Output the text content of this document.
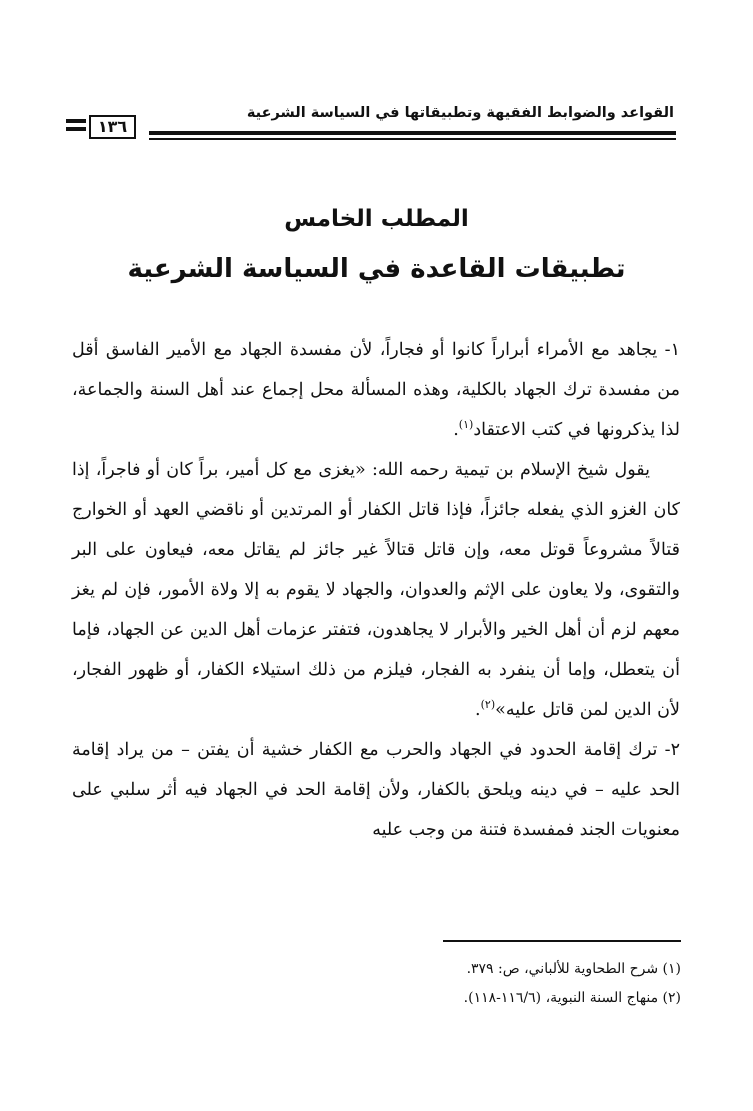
القواعد والضوابط الفقيهة وتطبيقاتها في السياسة الشرعية
١٣٦
المطلب الخامس
تطبيقات القاعدة في السياسة الشرعية

١- يجاهد مع الأمراء أبراراً كانوا أو فجاراً، لأن مفسدة الجهاد مع الأمير الفاسق أقل من مفسدة ترك الجهاد بالكلية، وهذه المسألة محل إجماع عند أهل السنة والجماعة، لذا يذكرونها في كتب الاعتقاد$^{(١)}$.

يقول شيخ الإسلام بن تيمية رحمه الله: «يغزى مع كل أمير، براً كان أو فاجراً، إذا كان الغزو الذي يفعله جائزاً، فإذا قاتل الكفار أو المرتدين أو ناقضي العهد أو الخوارج قتالاً مشروعاً قوتل معه، وإن قاتل قتالاً غير جائز لم يقاتل معه، فيعاون على البر والتقوى، ولا يعاون على الإثم والعدوان، والجهاد لا يقوم به إلا ولاة الأمور، فإن لم يغز معهم لزم أن أهل الخير والأبرار لا يجاهدون، فتفتر عزمات أهل الدين عن الجهاد، فإما أن يتعطل، وإما أن ينفرد به الفجار، فيلزم من ذلك استيلاء الكفار، أو ظهور الفجار، لأن الدين لمن قاتل عليه»$^{(٢)}$.

٢- ترك إقامة الحدود في الجهاد والحرب مع الكفار خشية أن يفتن – من يراد إقامة الحد عليه – في دينه ويلحق بالكفار، ولأن إقامة الحد في الجهاد فيه أثر سلبي على معنويات الجند فمفسدة فتنة من وجب عليه

(١) شرح الطحاوية للألباني، ص: ٣٧٩.

(٢) منهاج السنة النبوية، (١١٦/٦-١١٨).
